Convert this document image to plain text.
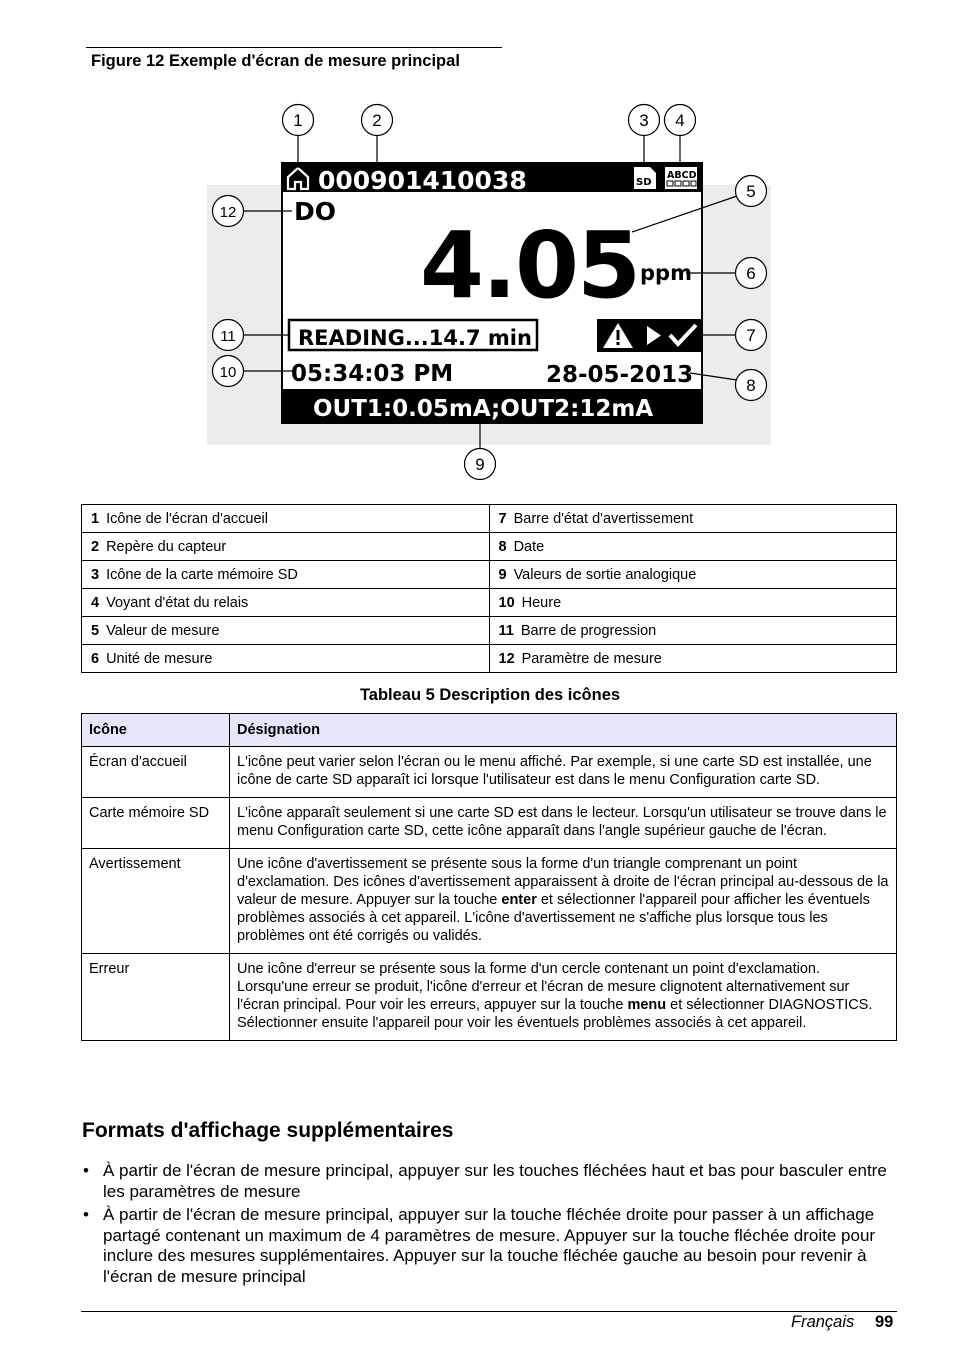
Figure 12 Exemple d'écran de mesure principal
000901410038	SD
ABCD
DO
4.05 ppm
READING...14.7 min
05:34:03 PM	28-05-2013
OUT1:0.05mA;OUT2:12mA
1	2	3 4
5
6
7
8
9
10
11
12
1 Icône de l'écran d'accueil	7 Barre d'état d'avertissement
2 Repère du capteur	8 Date
3 Icône de la carte mémoire SD	9 Valeurs de sortie analogique
4 Voyant d'état du relais	10 Heure
5 Valeur de mesure	11 Barre de progression
6 Unité de mesure	12 Paramètre de mesure
Tableau 5 Description des icônes
Icône	Désignation
Écran d'accueil	L'icône peut varier selon l'écran ou le menu affiché. Par exemple, si une carte SD est installée, une icône de carte SD apparaît ici lorsque l'utilisateur est dans le menu Configuration carte SD.
Carte mémoire SD	L'icône apparaît seulement si une carte SD est dans le lecteur. Lorsqu'un utilisateur se trouve dans le menu Configuration carte SD, cette icône apparaît dans l'angle supérieur gauche de l'écran.
Avertissement	Une icône d'avertissement se présente sous la forme d'un triangle comprenant un point d'exclamation. Des icônes d'avertissement apparaissent à droite de l'écran principal au-dessous de la valeur de mesure. Appuyer sur la touche enter et sélectionner l'appareil pour afficher les éventuels problèmes associés à cet appareil. L'icône d'avertissement ne s'affiche plus lorsque tous les problèmes ont été corrigés ou validés.
Erreur	Une icône d'erreur se présente sous la forme d'un cercle contenant un point d'exclamation. Lorsqu'une erreur se produit, l'icône d'erreur et l'écran de mesure clignotent alternativement sur l'écran principal. Pour voir les erreurs, appuyer sur la touche menu et sélectionner DIAGNOSTICS. Sélectionner ensuite l'appareil pour voir les éventuels problèmes associés à cet appareil.
Formats d'affichage supplémentaires
• À partir de l'écran de mesure principal, appuyer sur les touches fléchées haut et bas pour basculer entre les paramètres de mesure
• À partir de l'écran de mesure principal, appuyer sur la touche fléchée droite pour passer à un affichage partagé contenant un maximum de 4 paramètres de mesure. Appuyer sur la touche fléchée droite pour inclure des mesures supplémentaires. Appuyer sur la touche fléchée gauche au besoin pour revenir à l'écran de mesure principal
Français 99
